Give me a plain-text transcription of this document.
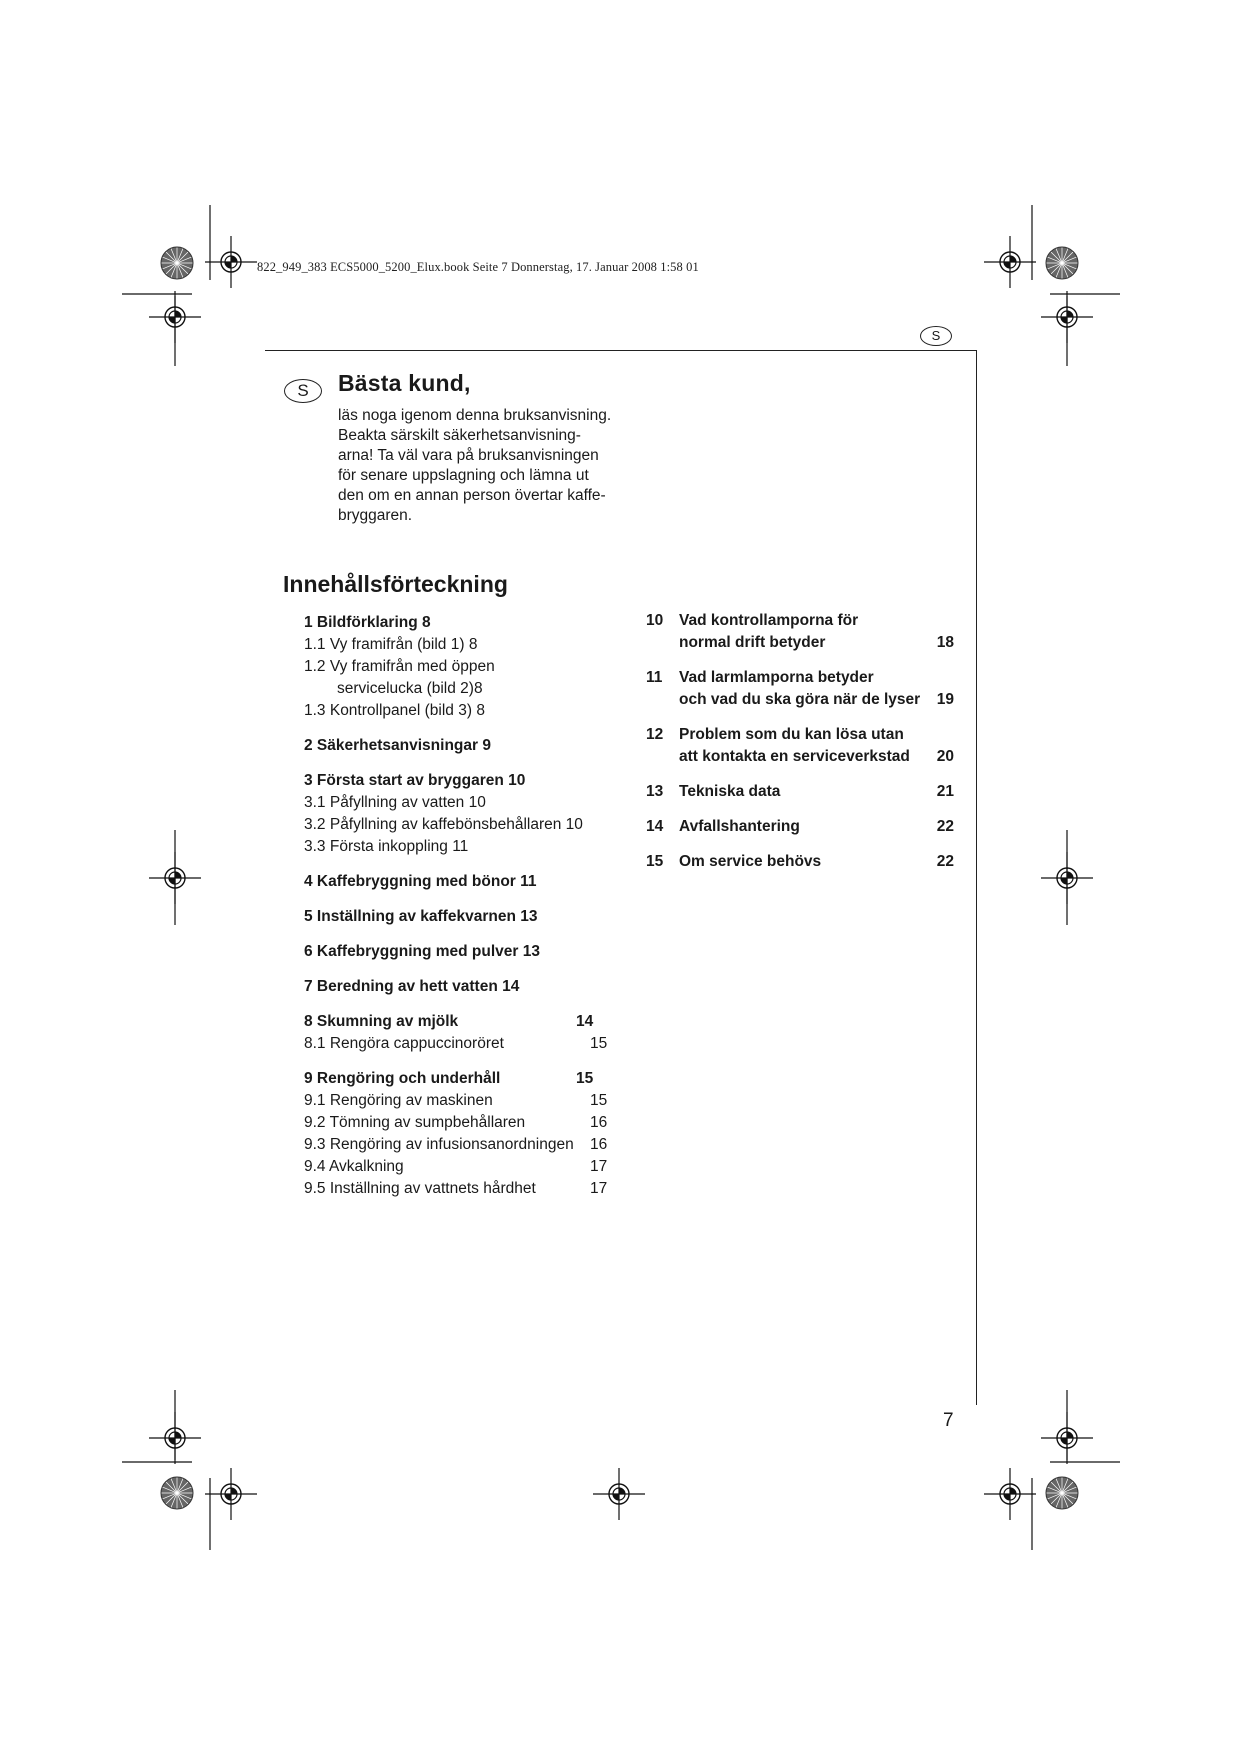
822_949_383 ECS5000_5200_Elux.book Seite 7 Donnerstag, 17. Januar 2008 1:58 01
S
S	Bästa kund,
läs noga igenom denna bruksanvisning.
Beakta särskilt säkerhetsanvisning-
arna! Ta väl vara på bruksanvisningen
för senare uppslagning och lämna ut
den om en annan person övertar kaffe-
bryggaren.
Innehållsförteckning
1 Bildförklaring 8
1.1 Vy framifrån (bild 1) 8
1.2 Vy framifrån med öppen
servicelucka (bild 2)8
1.3 Kontrollpanel (bild 3) 8
2 Säkerhetsanvisningar 9
3 Första start av bryggaren 10
3.1 Påfyllning av vatten 10
3.2 Påfyllning av kaffebönsbehållaren 10
3.3 Första inkoppling 11
4 Kaffebryggning med bönor 11
5 Inställning av kaffekvarnen 13
6 Kaffebryggning med pulver 13
7 Beredning av hett vatten 14
8 Skumning av mjölk	14
8.1 Rengöra cappuccinoröret	15
9 Rengöring och underhåll	15
9.1 Rengöring av maskinen	15
9.2 Tömning av sumpbehållaren	16
9.3 Rengöring av infusionsanordningen 16
9.4 Avkalkning	17
9.5 Inställning av vattnets hårdhet	17
10 Vad kontrollamporna för
normal drift betyder	18
11 Vad larmlamporna betyder
och vad du ska göra när de lyser 19
12 Problem som du kan lösa utan
att kontakta en serviceverkstad 20
13 Tekniska data	21
14 Avfallshantering	22
15 Om service behövs	22
7
